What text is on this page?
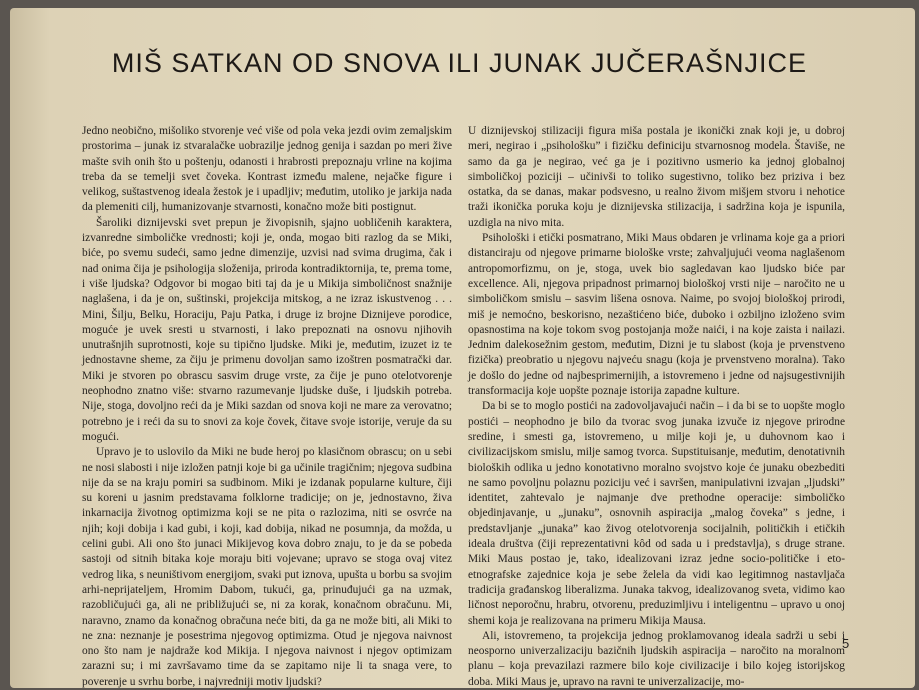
MIŠ SATKAN OD SNOVA ILI JUNAK JUČERAŠNJICE

Jedno neobično, mišoliko stvorenje već više od pola veka jezdi ovim zemaljskim prostorima – junak iz stvaralačke uobrazilje jednog genija i sazdan po meri žive mašte svih onih što u poštenju, odanosti i hrabrosti prepoznaju vrline na kojima treba da se temelji svet čoveka. Kontrast između malene, nejačke figure i velikog, suštastvenog ideala žestok je i upadljiv; međutim, utoliko je jarkija nada da plemeniti cilj, humanizovanje stvarnosti, konačno može biti postignut.

Šaroliki diznijevski svet prepun je živopisnih, sjajno uobličenih karaktera, izvanredne simboličke vrednosti; koji je, onda, mogao biti razlog da se Miki, biće, po svemu sudeći, samo jedne dimenzije, uzvisi nad svima drugima, čak i nad onima čija je psihologija složenija, priroda kontradiktornija, te, prema tome, i više ljudska? Odgovor bi mogao biti taj da je u Mikija simboličnost snažnije naglašena, i da je on, suštinski, projekcija mitskog, a ne izraz iskustvenog . . . Mini, Šilju, Belku, Horaciju, Paju Patka, i druge iz brojne Diznijeve porodice, moguće je uvek sresti u stvarnosti, i lako prepoznati na osnovu njihovih unutrašnjih suprotnosti, koje su tipično ljudske. Miki je, međutim, izuzet iz te jednostavne sheme, za čiju je primenu dovoljan samo izoštren posmatrački dar. Miki je stvoren po obrascu sasvim druge vrste, za čije je puno otelotvorenje neophodno znatno više: stvarno razumevanje ljudske duše, i ljudskih potreba. Nije, stoga, dovoljno reći da je Miki sazdan od snova koji ne mare za verovatno; potrebno je i reći da su to snovi za koje čovek, čitave svoje istorije, veruje da su mogući.

Upravo je to uslovilo da Miki ne bude heroj po klasičnom obrascu; on u sebi ne nosi slabosti i nije izložen patnji koje bi ga učinile tragičnim; njegova sudbina nije da se na kraju pomiri sa sudbinom. Miki je izdanak popularne kulture, čiji su koreni u jasnim predstavama folklorne tradicije; on je, jednostavno, živa inkarnacija životnog optimizma koji se ne pita o razlozima, niti se osvrće na njih; koji dobija i kad gubi, i koji, kad dobija, nikad ne posumnja, da možda, u celini gubi. Ali ono što junaci Mikijevog kova dobro znaju, to je da se pobeda sastoji od sitnih bitaka koje moraju biti vojevane; upravo se stoga ovaj vitez vedrog lika, s neuništivom energijom, svaki put iznova, upušta u borbu sa svojim arhi-neprijateljem, Hromim Dabom, tukući, ga, prinuđujući ga na uzmak, razobličujući ga, ali ne približujući se, ni za korak, konačnom obračunu. Mi, naravno, znamo da konačnog obračuna neće biti, da ga ne može biti, ali Miki to ne zna: neznanje je posestrima njegovog optimizma. Otud je njegova naivnost ono što nam je najdraže kod Mikija. I njegova naivnost i njegov optimizam zarazni su; i mi završavamo time da se zapitamo nije li ta snaga vere, to poverenje u svrhu borbe, i najvredniji motiv ljudski?

U diznijevskoj stilizaciji figura miša postala je ikonički znak koji je, u dobroj meri, negirao i „psihološku” i fizičku definiciju stvarnosnog modela. Štaviše, ne samo da ga je negirao, već ga je i pozitivno usmerio ka jednoj globalnoj simboličkoj poziciji – učinivši to toliko sugestivno, toliko bez priziva i bez ostatka, da se danas, makar podsvesno, u realno živom mišjem stvoru i nehotice traži ikonička poruka koju je diznijevska stilizacija, i sadržina koja je ispunila, uzdigla na nivo mita.

Psihološki i etički posmatrano, Miki Maus obdaren je vrlinama koje ga a priori distanciraju od njegove primarne biološke vrste; zahvaljujući veoma naglašenom antropomorfizmu, on je, stoga, uvek bio sagledavan kao ljudsko biće par excellence. Ali, njegova pripadnost primarnoj biološkoj vrsti nije – naročito ne u simboličkom smislu – sasvim lišena osnova. Naime, po svojoj biološkoj prirodi, miš je nemoćno, beskorisno, nezaštićeno biće, duboko i ozbiljno izloženo svim opasnostima na koje tokom svog postojanja može naići, i na koje zaista i nailazi. Jednim dalekosežnim gestom, međutim, Dizni je tu slabost (koja je prvenstveno fizička) preobratio u njegovu najveću snagu (koja je prvenstveno moralna). Tako je došlo do jedne od najbesprimernijih, a istovremeno i jedne od najsugestivnijih transformacija koje uopšte poznaje istorija zapadne kulture.

Da bi se to moglo postići na zadovoljavajući način – i da bi se to uopšte moglo postići – neophodno je bilo da tvorac svog junaka izvuče iz njegove prirodne sredine, i smesti ga, istovremeno, u milje koji je, u duhovnom kao i civilizacijskom smislu, milje samog tvorca. Supstituisanje, međutim, denotativnih bioloških odlika u jedno konotativno moralno svojstvo koje će junaku obezbediti ne samo povoljnu polaznu poziciju već i savršen, manipulativni izvajan „ljudski” identitet, zahtevalo je najmanje dve prethodne operacije: simboličko objedinjavanje, u „junaku”, osnovnih aspiracija „malog čoveka” s jedne, i predstavljanje „junaka” kao živog otelotvorenja socijalnih, političkih i etičkih ideala društva (čiji reprezentativni kôd od sada u i predstavlja), s druge strane. Miki Maus postao je, tako, idealizovani izraz jedne socio-političke i eto-etnografske zajednice koja je sebe želela da vidi kao legitimnog nastavljača tradicija građanskog liberalizma. Junaka takvog, idealizovanog sveta, vidimo kao ličnost neporočnu, hrabru, otvorenu, preduzimljivu i inteligentnu – upravo u onoj shemi koja je realizovana na primeru Mikija Mausa.

Ali, istovremeno, ta projekcija jednog proklamovanog ideala sadrži u sebi i neosporno univerzalizaciju bazičnih ljudskih aspiracija – naročito na moralnom planu – koja prevazilazi razmere bilo koje civilizacije i bilo kojeg istorijskog doba. Miki Maus je, upravo na ravni te univerzalizacije, mo-

5
